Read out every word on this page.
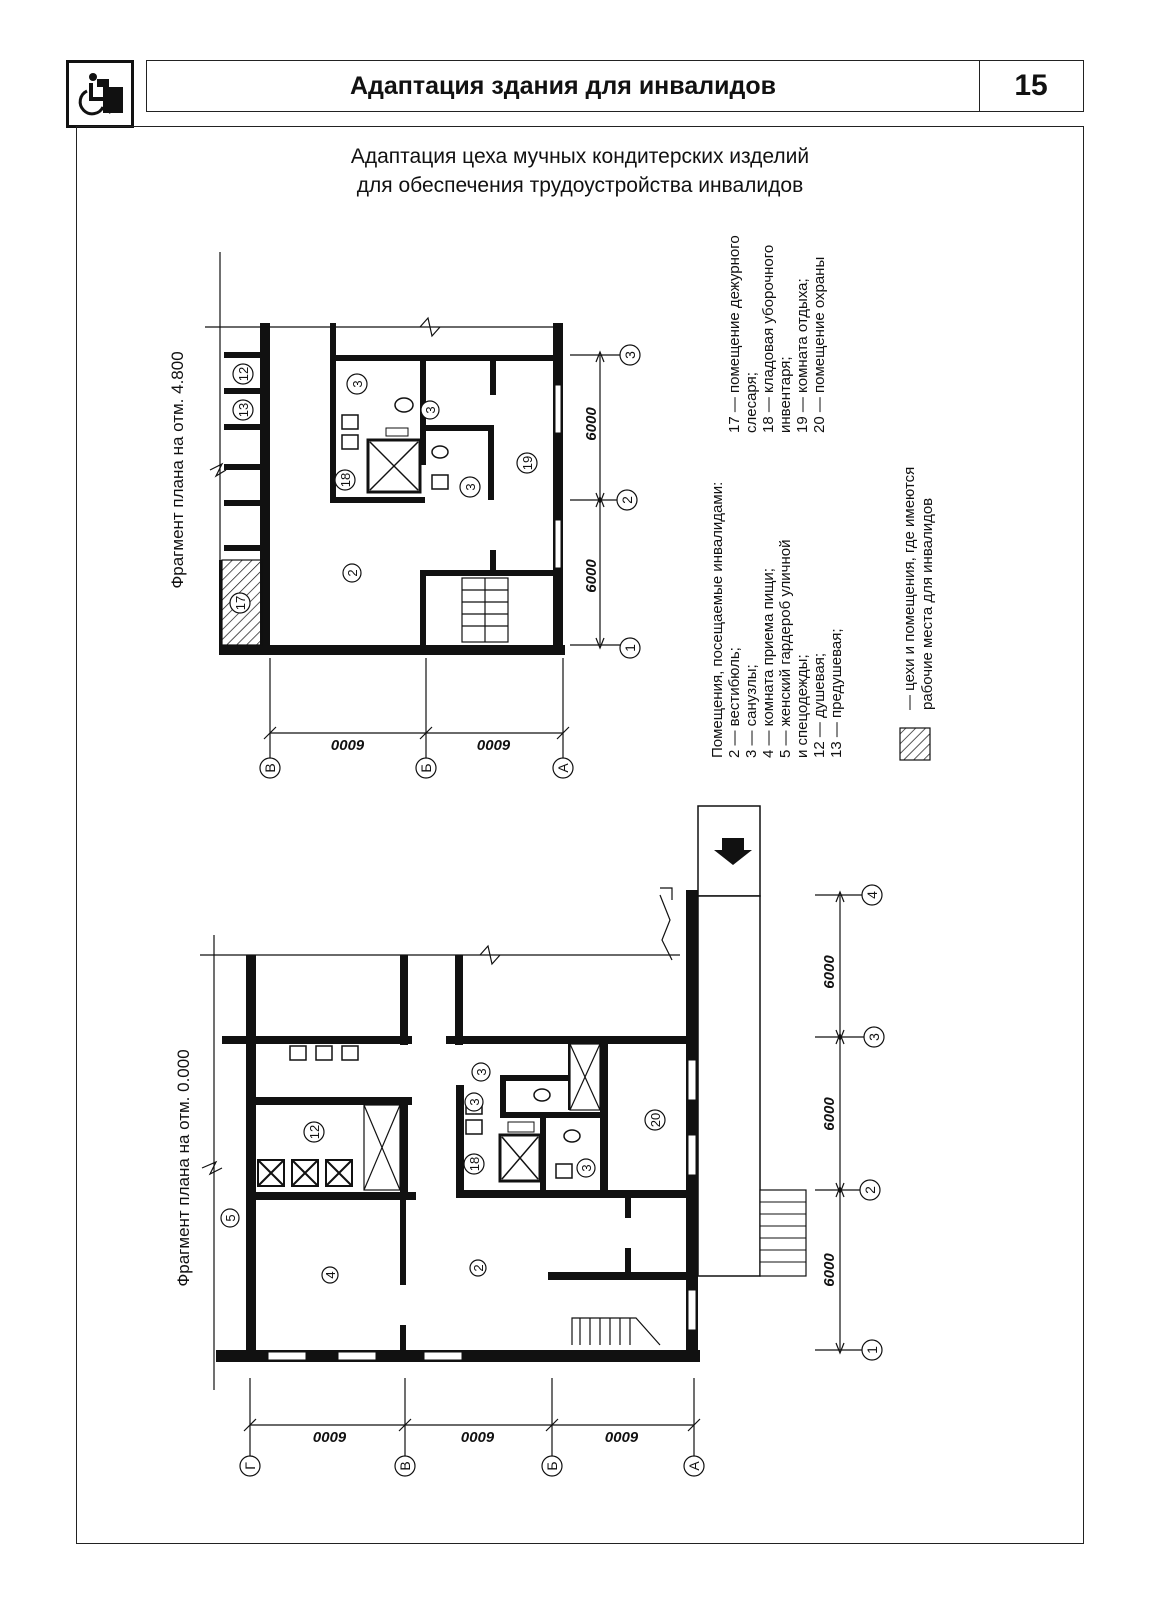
Адаптация здания для инвалидов	15
Адаптация цеха мучных кондитерских изделий
для обеспечения трудоустройства инвалидов
Фрагмент плана на отм. 4.800	3
12
13
18	3
19
2
17
6000	6000
В	Б	А
6000
6000
3
2
1	Помещения, посещаемые инвалидами: 2 — вестибюль; 3 — санузлы; 4 — комната приема пищи; 5 — женский гардероб уличной и спецодежды; 12 — душевая; 13 — предушевая;
17 — помещение дежурного слесаря; 18 — кладовая уборочного инвентаря; 19 — комната отдыха; 20 — помещение охраны
— цехи и помещения, где имеются рабочие места для инвалидов
Фрагмент плана на отм. 0.000	3
12
18	3
20
5
4
2
6000	6000	6000
Г	В	Б	А
6000
6000
6000
4
3
2
1
3
3
